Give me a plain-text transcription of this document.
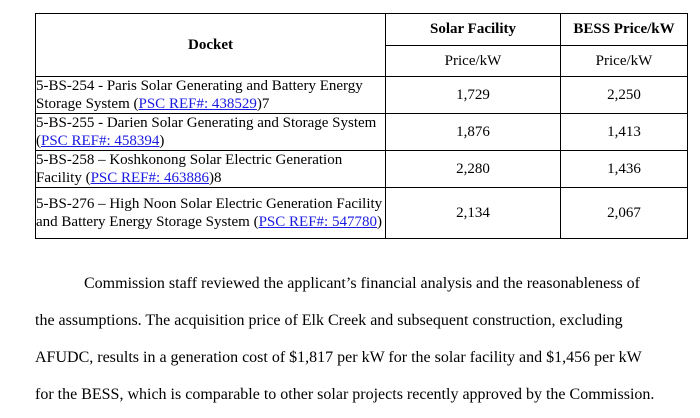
Docket	Solar Facility	BESS Price/kW
	Price/kW	Price/kW
5-BS-254 - Paris Solar Generating and Battery Energy Storage System (PSC REF#: 438529)7	1,729	2,250
5-BS-255 - Darien Solar Generating and Storage System (PSC REF#: 458394)	1,876	1,413
5-BS-258 – Koshkonong Solar Electric Generation Facility (PSC REF#: 463886)8	2,280	1,436
5-BS-276 – High Noon Solar Electric Generation Facility and Battery Energy Storage System (PSC REF#: 547780)	2,134	2,067
Commission staff reviewed the applicant’s financial analysis and the reasonableness of
the assumptions. The acquisition price of Elk Creek and subsequent construction, excluding
AFUDC, results in a generation cost of $1,817 per kW for the solar facility and $1,456 per kW
for the BESS, which is comparable to other solar projects recently approved by the Commission.
